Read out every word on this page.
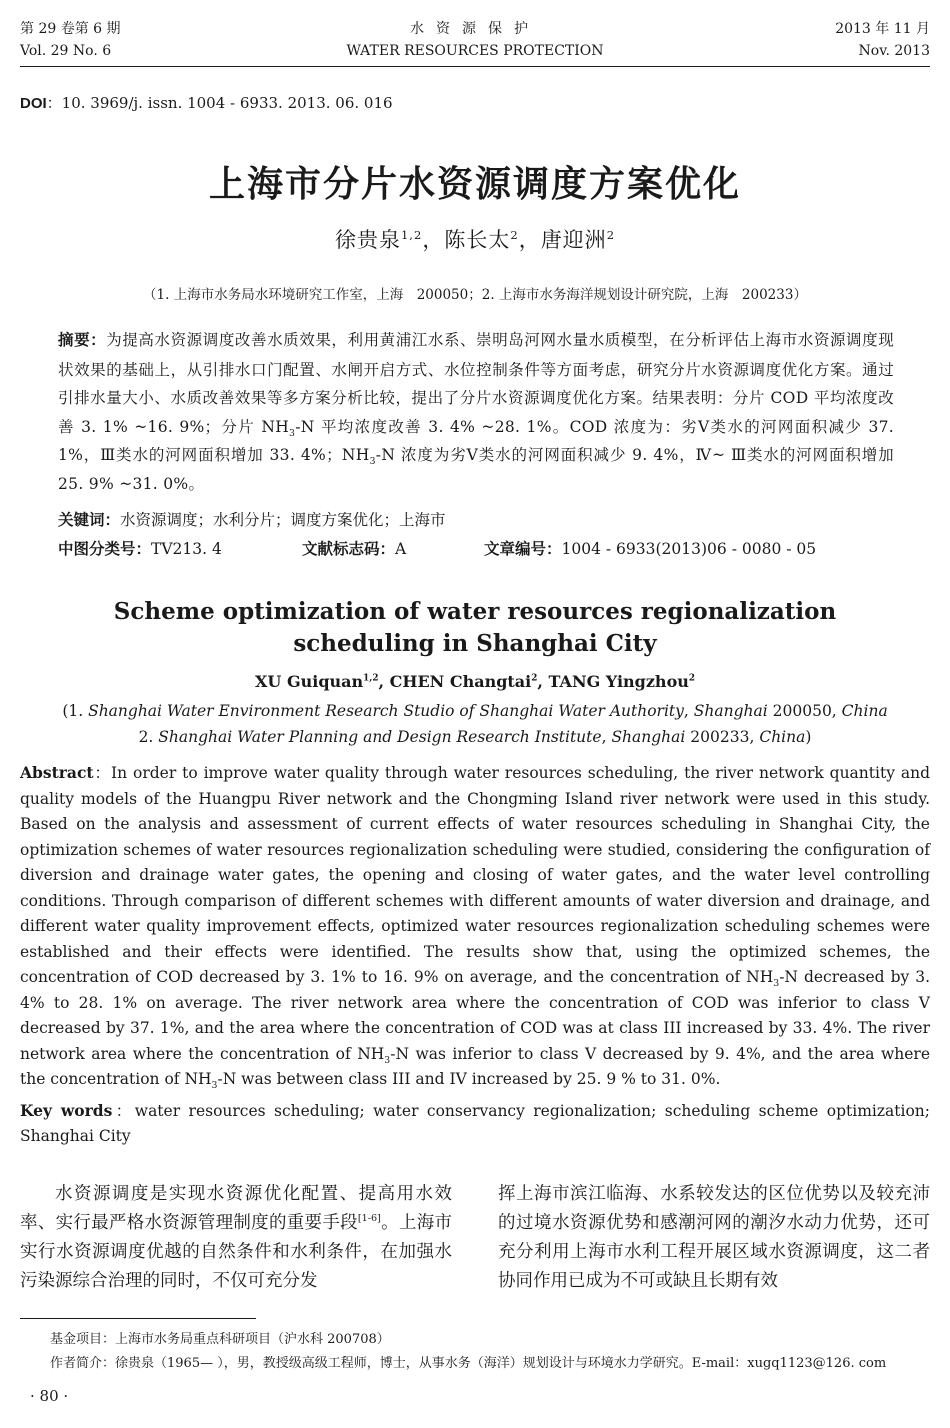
第 29 卷第 6 期
Vol. 29 No. 6
水资源保护
WATER RESOURCES PROTECTION
2013 年 11 月
Nov. 2013
DOI：10. 3969/j. issn. 1004 - 6933. 2013. 06. 016
上海市分片水资源调度方案优化
徐贵泉$^{1,2}$，陈长太$^2$，唐迎洲$^2$
（1. 上海市水务局水环境研究工作室，上海　200050；2. 上海市水务海洋规划设计研究院，上海　200233）
摘要：为提高水资源调度改善水质效果，利用黄浦江水系、崇明岛河网水量水质模型，在分析评估上海市水资源调度现状效果的基础上，从引排水口门配置、水闸开启方式、水位控制条件等方面考虑，研究分片水资源调度优化方案。通过引排水量大小、水质改善效果等多方案分析比较，提出了分片水资源调度优化方案。结果表明：分片 COD 平均浓度改善 3. 1% ~16. 9%；分片 $NH_3-N$ 平均浓度改善 3. 4% ~28. 1%。COD 浓度为：劣Ⅴ类水的河网面积减少 37. 1%，Ⅲ类水的河网面积增加 33. 4%；$NH_3-N$ 浓度为劣Ⅴ类水的河网面积减少 9. 4%，Ⅳ~ Ⅲ类水的河网面积增加 25. 9% ~31. 0%。
关键词：水资源调度；水利分片；调度方案优化；上海市
中图分类号：TV213. 4	文献标志码：A	文章编号：1004 - 6933(2013)06 - 0080 - 05
Scheme optimization of water resources regionalization
scheduling in Shanghai City
XU Guiquan$^{1,2}$, CHEN Changtai$^2$, TANG Yingzhou$^2$
(1. Shanghai Water Environment Research Studio of Shanghai Water Authority, Shanghai 200050, China
2. Shanghai Water Planning and Design Research Institute, Shanghai 200233, China)
Abstract：In order to improve water quality through water resources scheduling, the river network quantity and quality models of the Huangpu River network and the Chongming Island river network were used in this study. Based on the analysis and assessment of current effects of water resources scheduling in Shanghai City, the optimization schemes of water resources regionalization scheduling were studied, considering the configuration of diversion and drainage water gates, the opening and closing of water gates, and the water level controlling conditions. Through comparison of different schemes with different amounts of water diversion and drainage, and different water quality improvement effects, optimized water resources regionalization scheduling schemes were established and their effects were identified. The results show that, using the optimized schemes, the concentration of COD decreased by 3. 1% to 16. 9% on average, and the concentration of $NH_3-N$ decreased by 3. 4% to 28. 1% on average. The river network area where the concentration of COD was inferior to class V decreased by 37. 1%, and the area where the concentration of COD was at class III increased by 33. 4%. The river network area where the concentration of $NH_3-N$ was inferior to class V decreased by 9. 4%, and the area where the concentration of $NH_3-N$ was between class III and IV increased by 25. 9 % to 31. 0%.
Key words：water resources scheduling; water conservancy regionalization; scheduling scheme optimization; Shanghai City
水资源调度是实现水资源优化配置、提高用水效率、实行最严格水资源管理制度的重要手段[1-6]。上海市实行水资源调度优越的自然条件和水利条件，在加强水污染源综合治理的同时，不仅可充分发
挥上海市滨江临海、水系较发达的区位优势以及较充沛的过境水资源优势和感潮河网的潮汐水动力优势，还可充分利用上海市水利工程开展区域水资源调度，这二者协同作用已成为不可或缺且长期有效
基金项目：上海市水务局重点科研项目（沪水科 200708）
作者简介：徐贵泉（1965— ），男，教授级高级工程师，博士，从事水务（海洋）规划设计与环境水力学研究。E-mail：xugq1123@126. com
· 80 ·
